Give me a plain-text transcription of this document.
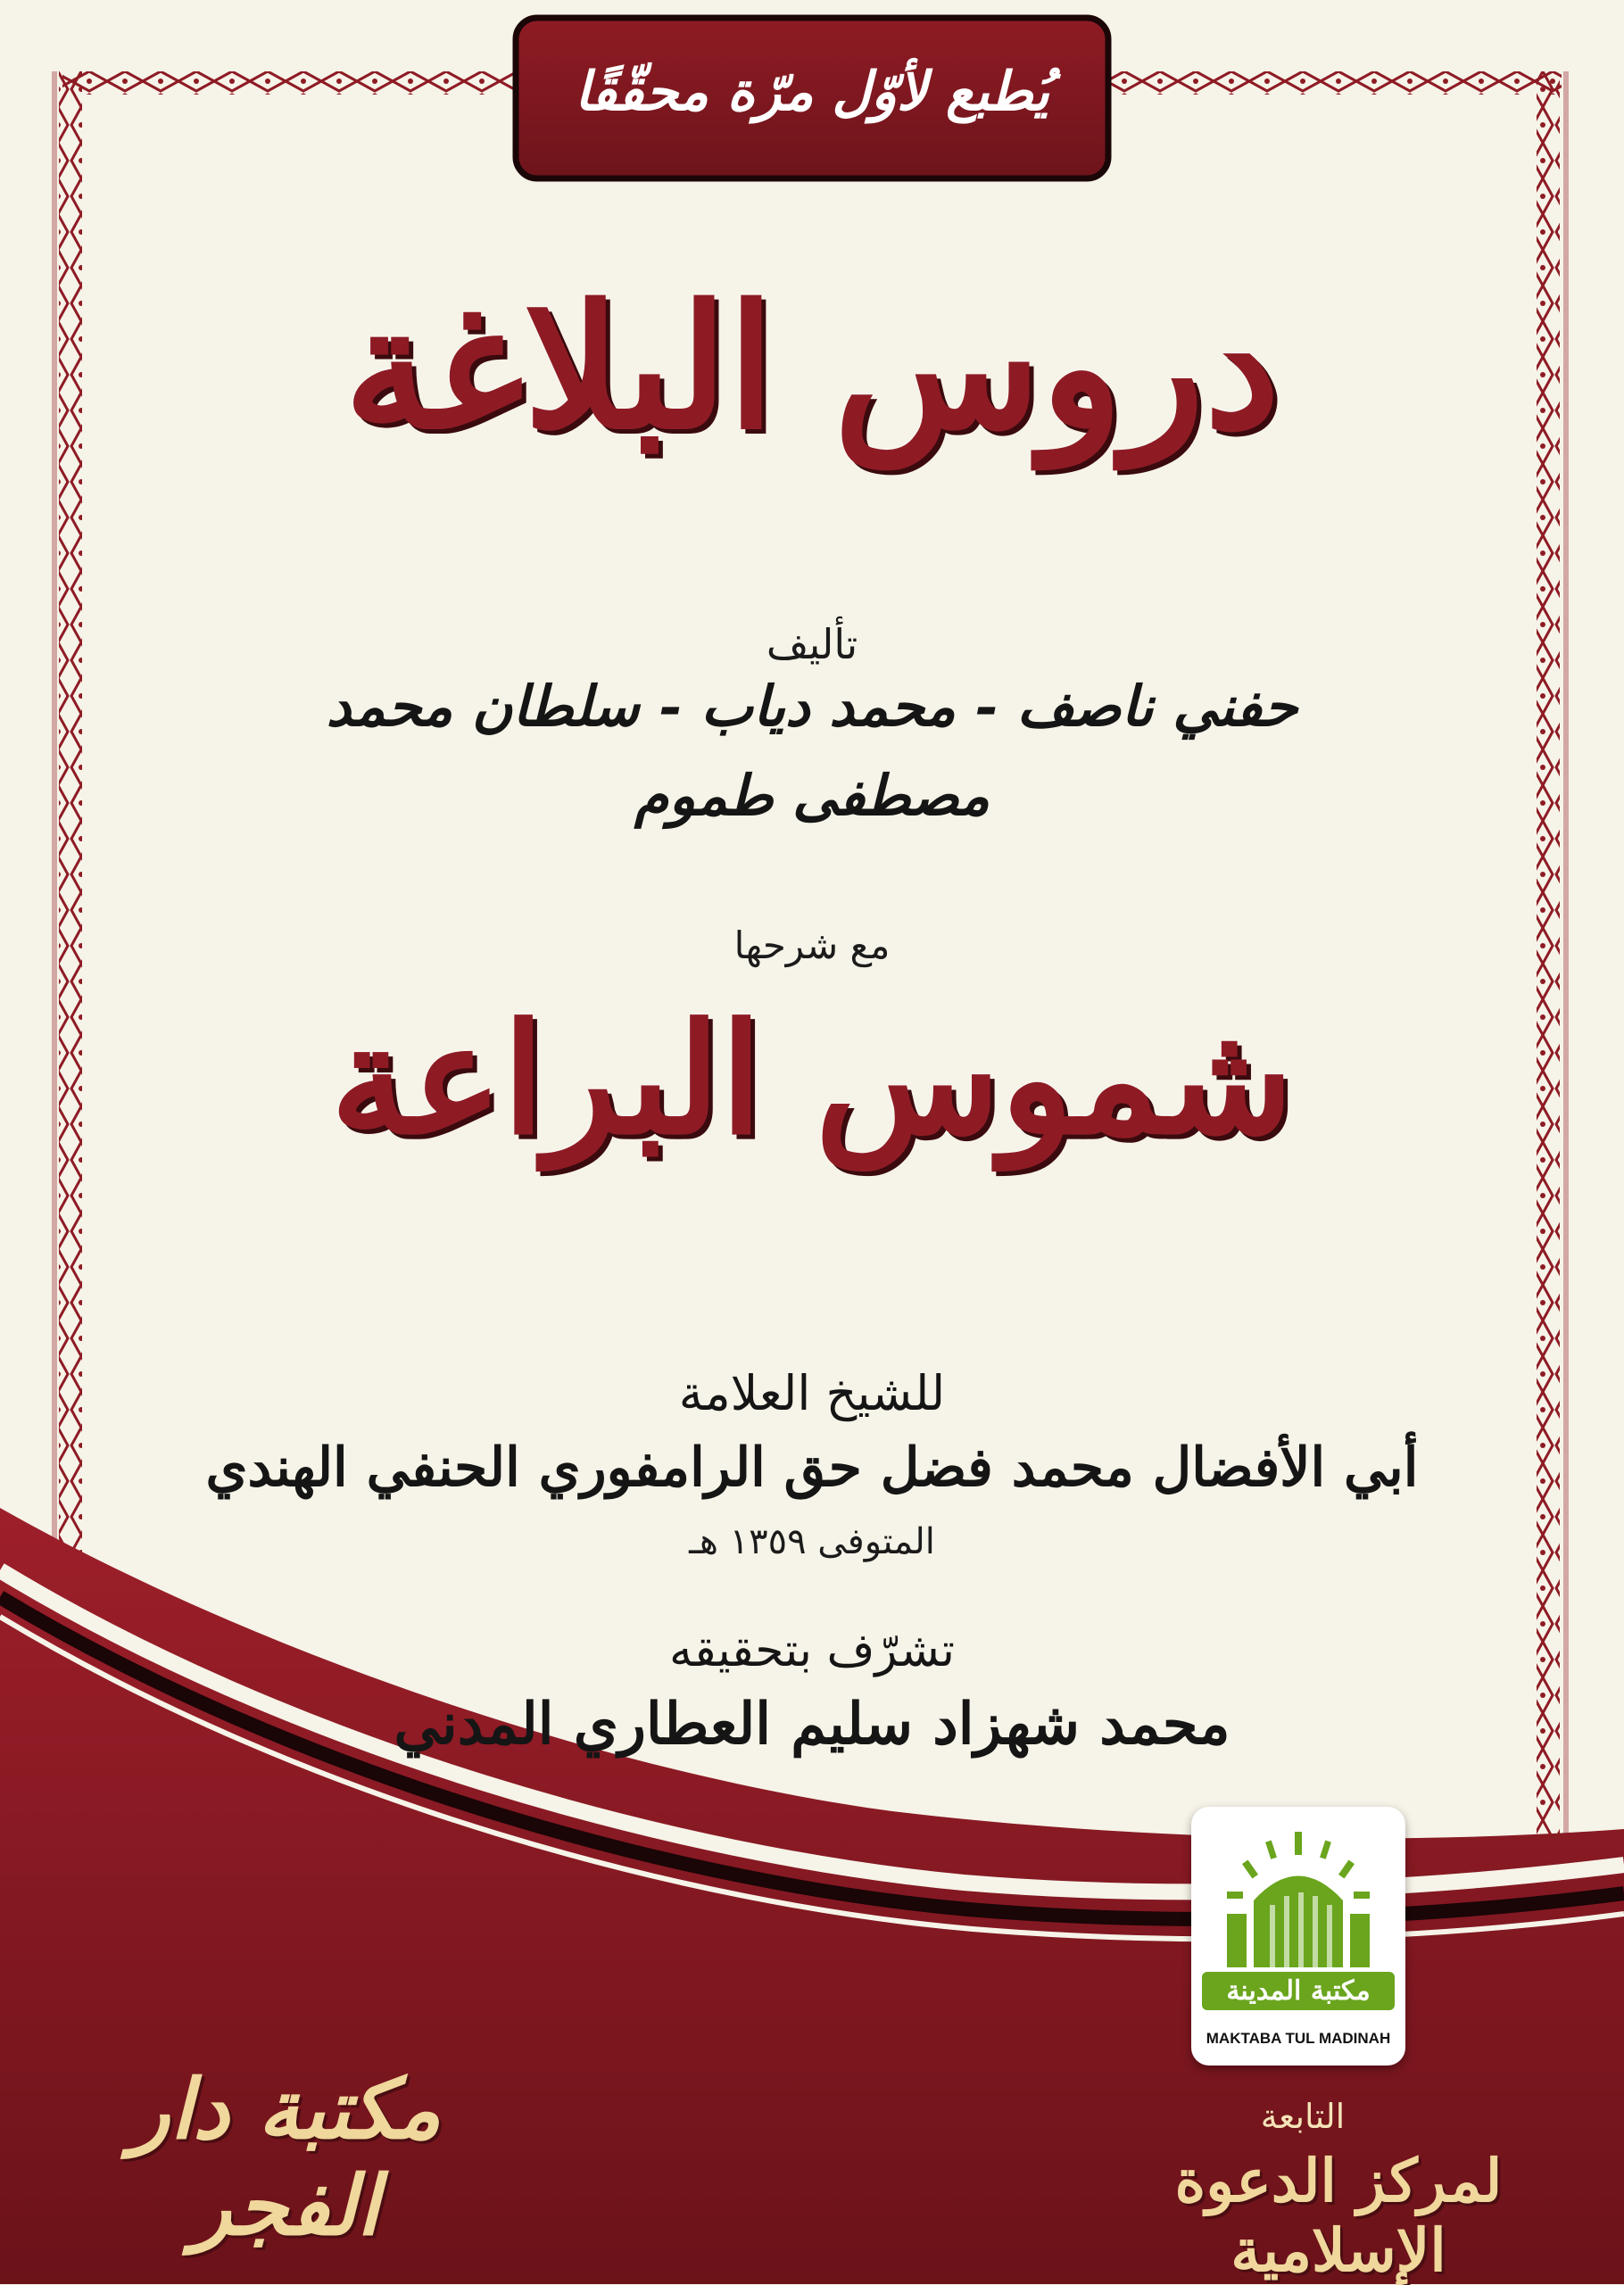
يُطبع لأوّل مرّة محقّقًا
دروس البلاغة
تأليف
حفني ناصف - محمد دياب - سلطان محمد
مصطفى طموم
مع شرحها
شموس البراعة
للشيخ العلامة
أبي الأفضال محمد فضل حق الرامفوري الحنفي الهندي
المتوفى ١٣٥٩ هـ
تشرّف بتحقيقه
محمد شهزاد سليم العطاري المدني
مكتبة المدينة
MAKTABA TUL MADINAH
مكتبة دار الفجر
التابعة
لمركز الدعوة الإسلامية
